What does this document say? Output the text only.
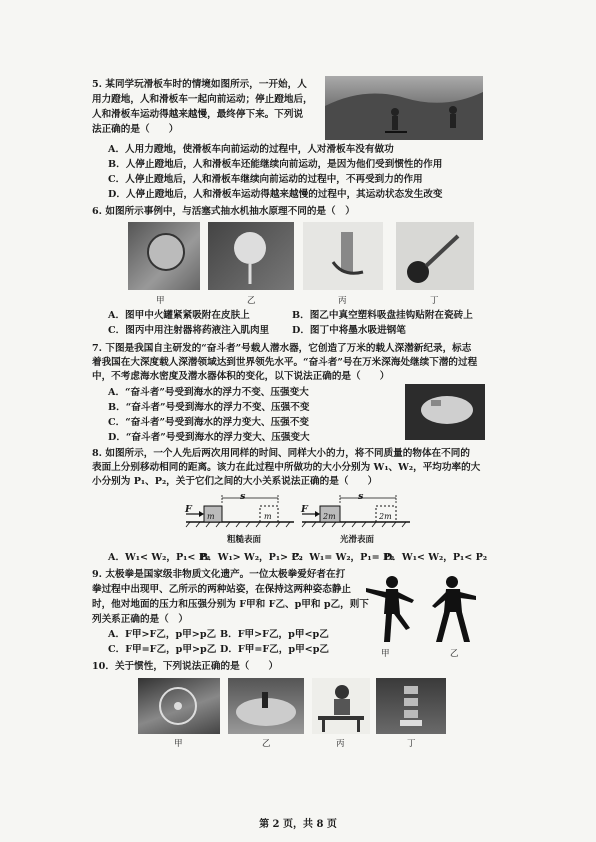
5. 某同学玩滑板车时的情境如图所示，一开始，人
用力蹬地，人和滑板车一起向前运动；停止蹬地后，
人和滑板车运动得越来越慢，最终停下来。下列说
法正确的是（　　）
A．人用力蹬地，使滑板车向前运动的过程中，人对滑板车没有做功
B．人停止蹬地后，人和滑板车还能继续向前运动，是因为他们受到惯性的作用
C．人停止蹬地后，人和滑板车继续向前运动的过程中，不再受到力的作用
D．人停止蹬地后，人和滑板车运动得越来越慢的过程中，其运动状态发生改变
6. 如图所示事例中，与活塞式抽水机抽水原理不同的是（　）
甲	乙	丙	丁
A．图甲中火罐紧紧吸附在皮肤上	B．图乙中真空塑料吸盘挂钩贴附在瓷砖上
C．图丙中用注射器将药液注入肌肉里 D．图丁中将墨水吸进钢笔
7. 下图是我国自主研发的“奋斗者”号载人潜水器，它创造了万米的载人深潜新纪录，标志
着我国在大深度载人深潜领域达到世界领先水平。“奋斗者”号在万米深海处继续下潜的过程
中，不考虑海水密度及潜水器体积的变化，以下说法正确的是（　　）
A．“奋斗者”号受到海水的浮力不变、压强变大
B．“奋斗者”号受到海水的浮力不变、压强不变
C．“奋斗者”号受到海水的浮力变大、压强不变
D．“奋斗者”号受到海水的浮力变大、压强变大
8. 如图所示，一个人先后两次用同样的时间、同样大小的力，将不同质量的物体在不同的
表面上分别移动相同的距离。该力在此过程中所做功的大小分别为 W₁、W₂，平均功率的大
小分别为 P₁、P₂，关于它们之间的大小关系说法正确的是（　　）
F
s
m	m
粗糙表面
F
s
2m	2m
光滑表面
A．W₁< W₂，P₁< P₂
B．W₁> W₂，P₁> P₂
C．W₁= W₂，P₁= P₂
D．W₁< W₂，P₁< P₂
9. 太极拳是国家级非物质文化遗产。一位太极拳爱好者在打
拳过程中出现甲、乙所示的两种站姿，在保持这两种姿态静止
时，他对地面的压力和压强分别为 F甲和 F乙、p甲和 p乙，则下
列关系正确的是（　）
A．F甲>F乙，p甲>p乙 B．F甲>F乙，p甲<p乙
C．F甲=F乙，p甲>p乙 D．F甲=F乙，p甲<p乙	甲	乙
10．关于惯性，下列说法正确的是（　　）
甲	乙	丙	丁
第 2 页，共 8 页
